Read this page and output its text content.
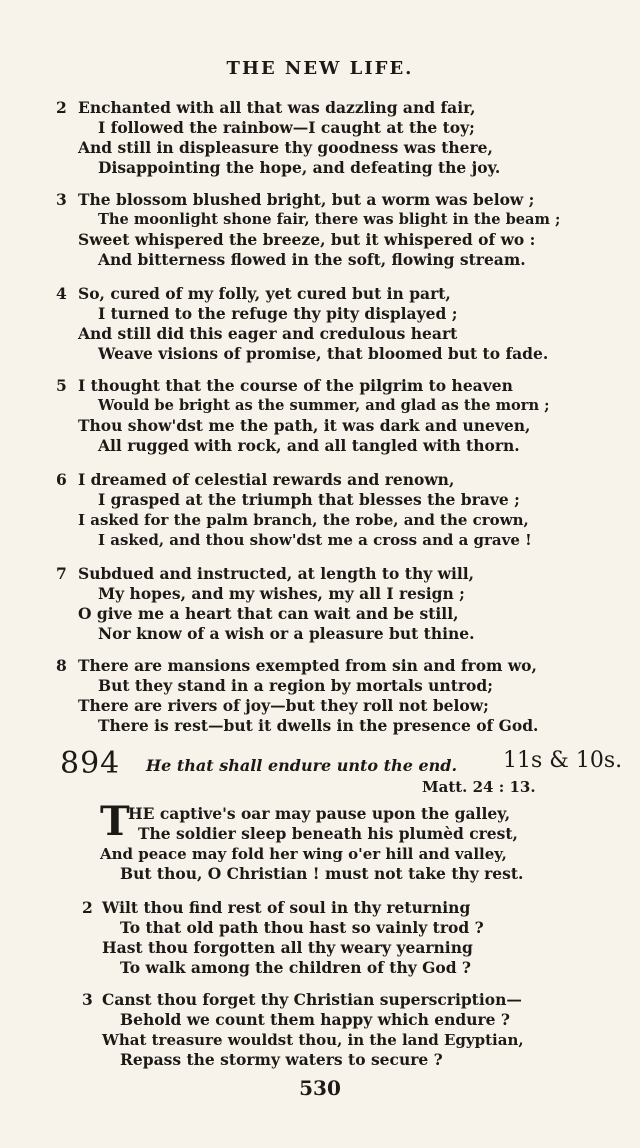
THE NEW LIFE.
2 Enchanted with all that was dazzling and fair,
I followed the rainbow—I caught at the toy;
And still in displeasure thy goodness was there,
Disappointing the hope, and defeating the joy.
3 The blossom blushed bright, but a worm was below ;
The moonlight shone fair, there was blight in the beam ;
Sweet whispered the breeze, but it whispered of wo :
And bitterness flowed in the soft, flowing stream.
4 So, cured of my folly, yet cured but in part,
I turned to the refuge thy pity displayed ;
And still did this eager and credulous heart
Weave visions of promise, that bloomed but to fade.
5 I thought that the course of the pilgrim to heaven
Would be bright as the summer, and glad as the morn ;
Thou show'dst me the path, it was dark and uneven,
All rugged with rock, and all tangled with thorn.
6 I dreamed of celestial rewards and renown,
I grasped at the triumph that blesses the brave ;
I asked for the palm branch, the robe, and the crown,
I asked, and thou show'dst me a cross and a grave !
7 Subdued and instructed, at length to thy will,
My hopes, and my wishes, my all I resign ;
O give me a heart that can wait and be still,
Nor know of a wish or a pleasure but thine.
8 There are mansions exempted from sin and from wo,
But they stand in a region by mortals untrod;
There are rivers of joy—but they roll not below;
There is rest—but it dwells in the presence of God.
894 He that shall endure unto the end. 11s & 10s.
Matt. 24 : 13.
T
HE captive's oar may pause upon the galley,
The soldier sleep beneath his plumèd crest,
And peace may fold her wing o'er hill and valley,
But thou, O Christian ! must not take thy rest.
2 Wilt thou find rest of soul in thy returning
To that old path thou hast so vainly trod ?
Hast thou forgotten all thy weary yearning
To walk among the children of thy God ?
3 Canst thou forget thy Christian superscription—
Behold we count them happy which endure ?
What treasure wouldst thou, in the land Egyptian,
Repass the stormy waters to secure ?
530
